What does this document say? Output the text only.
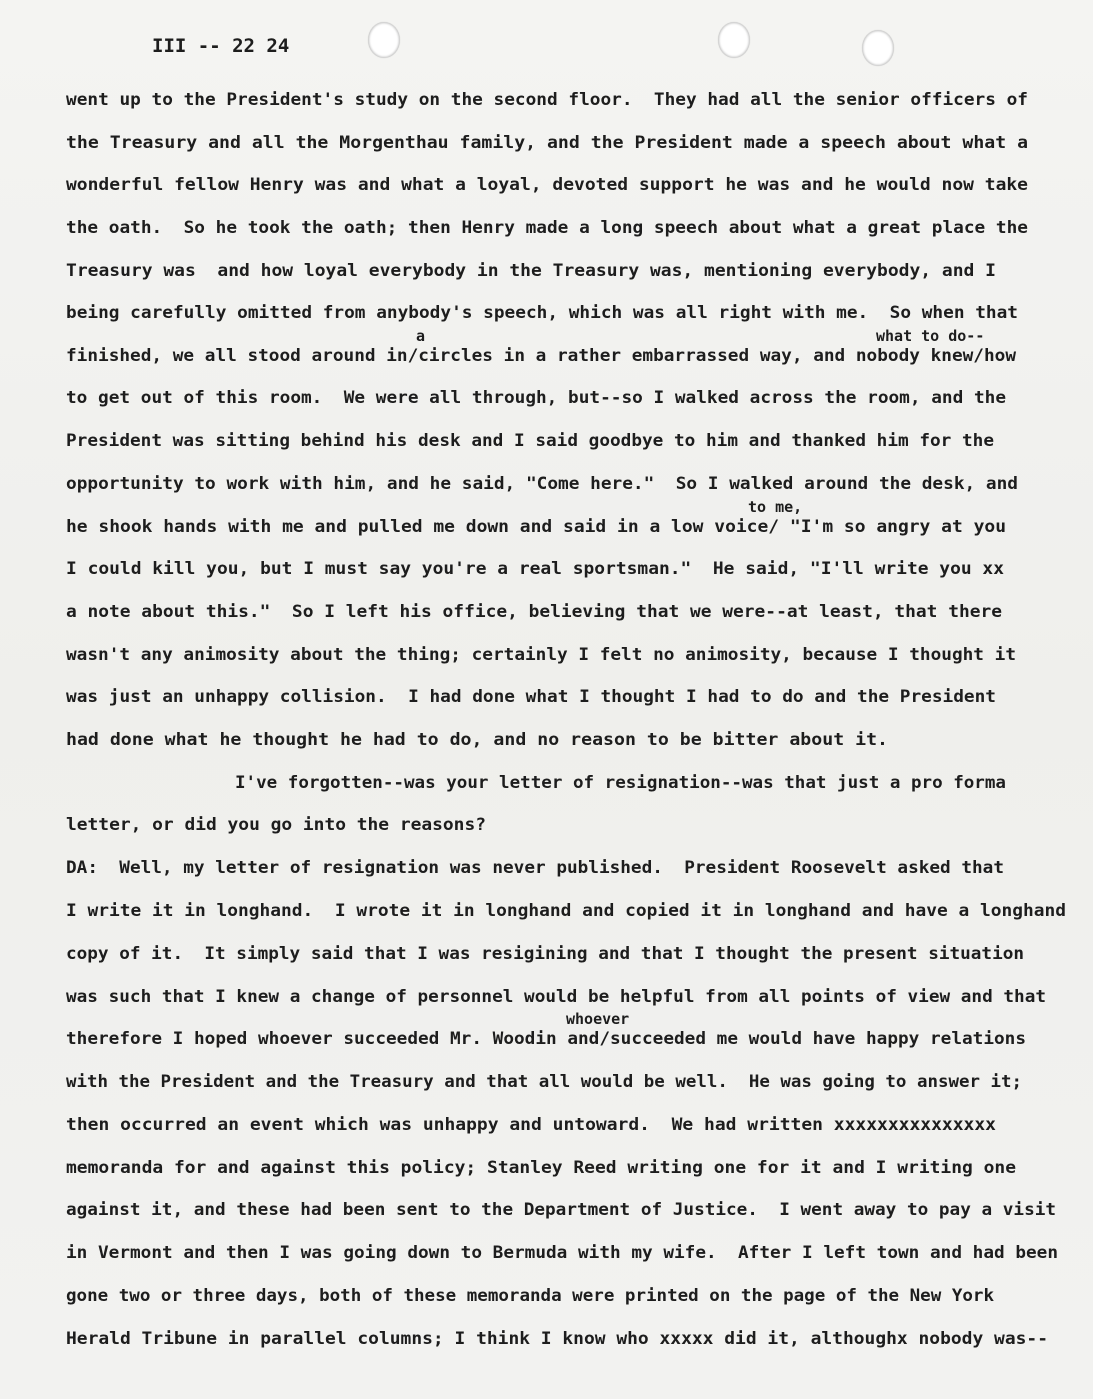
III -- 22 24
went up to the President's study on the second floor.  They had all the senior officers of
the Treasury and all the Morgenthau family, and the President made a speech about what a
wonderful fellow Henry was and what a loyal, devoted support he was and he would now take
the oath.  So he took the oath; then Henry made a long speech about what a great place the
Treasury was  and how loyal everybody in the Treasury was, mentioning everybody, and I
being carefully omitted from anybody's speech, which was all right with me.  So when that
finished, we all stood around in/circles in a rather embarrassed way, and nobody knew/how
to get out of this room.  We were all through, but--so I walked across the room, and the
President was sitting behind his desk and I said goodbye to him and thanked him for the
opportunity to work with him, and he said, "Come here."  So I walked around the desk, and
he shook hands with me and pulled me down and said in a low voice/ "I'm so angry at you
I could kill you, but I must say you're a real sportsman."  He said, "I'll write you xx
a note about this."  So I left his office, believing that we were--at least, that there
wasn't any animosity about the thing; certainly I felt no animosity, because I thought it
was just an unhappy collision.  I had done what I thought I had to do and the President
had done what he thought he had to do, and no reason to be bitter about it.
I've forgotten--was your letter of resignation--was that just a pro forma
letter, or did you go into the reasons?
DA:  Well, my letter of resignation was never published.  President Roosevelt asked that
I write it in longhand.  I wrote it in longhand and copied it in longhand and have a longhand
copy of it.  It simply said that I was resigining and that I thought the present situation
was such that I knew a change of personnel would be helpful from all points of view and that
therefore I hoped whoever succeeded Mr. Woodin and/succeeded me would have happy relations
with the President and the Treasury and that all would be well.  He was going to answer it;
then occurred an event which was unhappy and untoward.  We had written xxxxxxxxxxxxxxx
memoranda for and against this policy; Stanley Reed writing one for it and I writing one
against it, and these had been sent to the Department of Justice.  I went away to pay a visit
in Vermont and then I was going down to Bermuda with my wife.  After I left town and had been
gone two or three days, both of these memoranda were printed on the page of the New York
Herald Tribune in parallel columns; I think I know who xxxxx did it, althoughx nobody was--
a	what to do--
to me,
whoever
